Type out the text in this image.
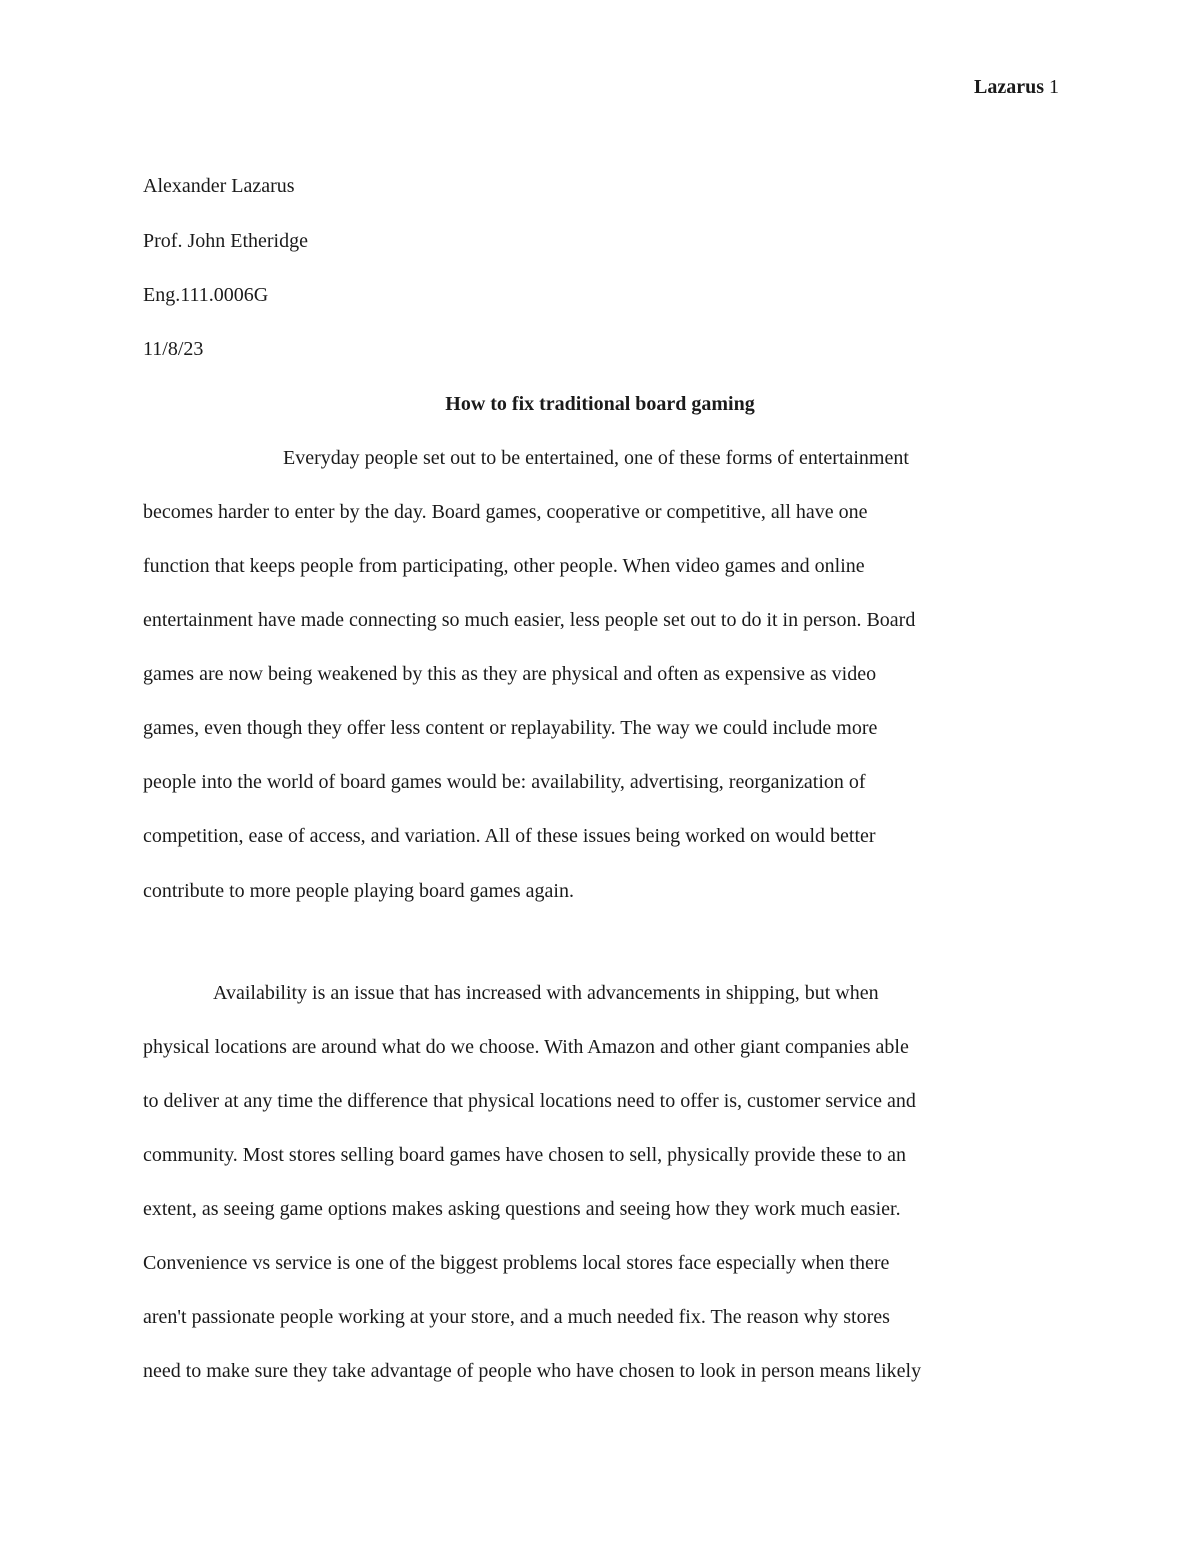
Lazarus 1
Alexander Lazarus
Prof. John Etheridge
Eng.111.0006G
11/8/23
How to fix traditional board gaming
Everyday people set out to be entertained, one of these forms of entertainment
becomes harder to enter by the day. Board games, cooperative or competitive, all have one
function that keeps people from participating, other people. When video games and online
entertainment have made connecting so much easier, less people set out to do it in person. Board
games are now being weakened by this as they are physical and often as expensive as video
games, even though they offer less content or replayability. The way we could include more
people into the world of board games would be: availability, advertising, reorganization of
competition, ease of access, and variation. All of these issues being worked on would better
contribute to more people playing board games again.
Availability is an issue that has increased with advancements in shipping, but when
physical locations are around what do we choose. With Amazon and other giant companies able
to deliver at any time the difference that physical locations need to offer is, customer service and
community. Most stores selling board games have chosen to sell, physically provide these to an
extent, as seeing game options makes asking questions and seeing how they work much easier.
Convenience vs service is one of the biggest problems local stores face especially when there
aren't passionate people working at your store, and a much needed fix. The reason why stores
need to make sure they take advantage of people who have chosen to look in person means likely
